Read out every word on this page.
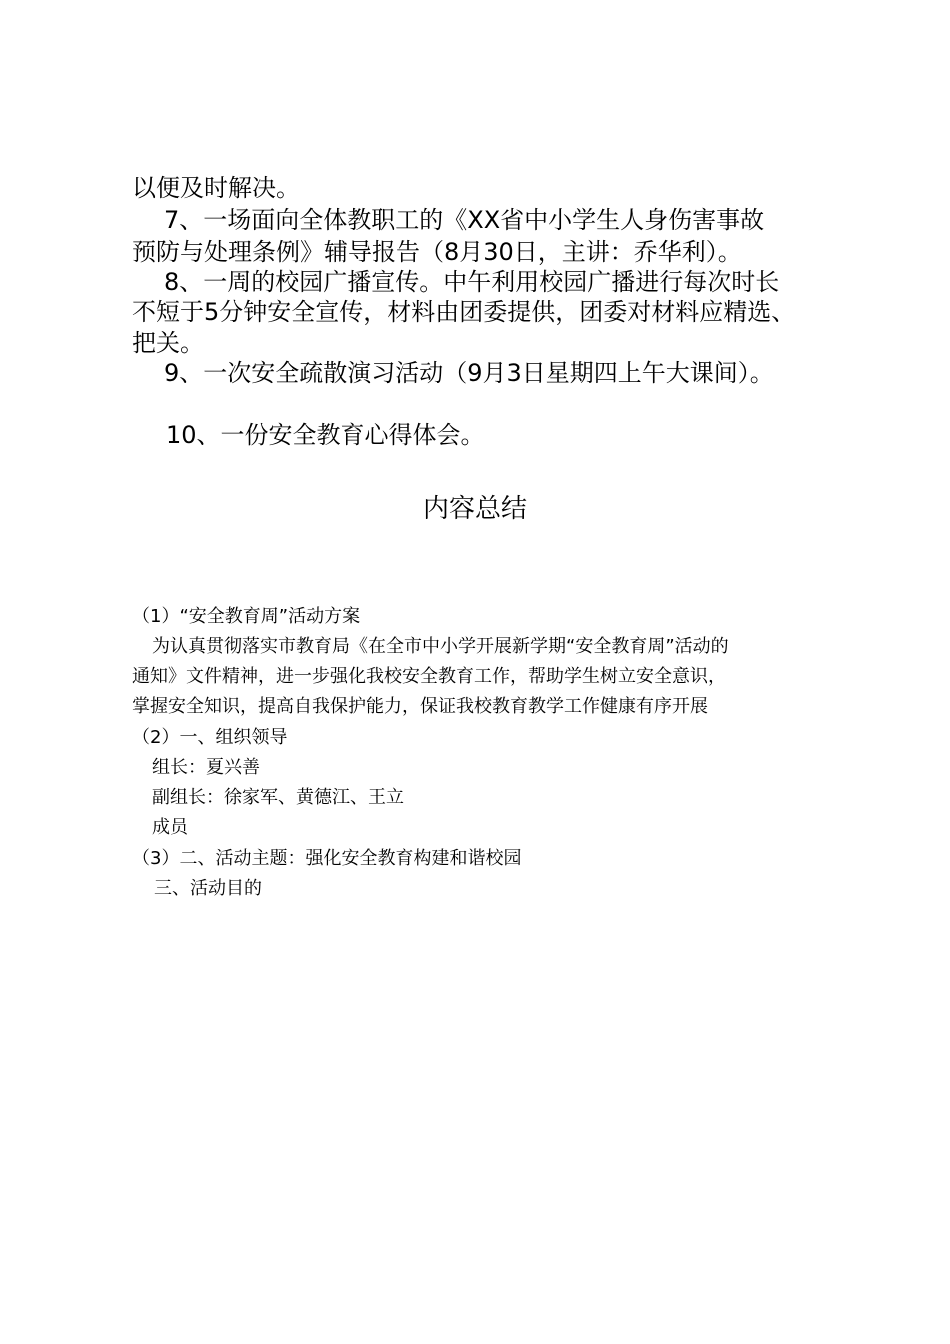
以便及时解决。
7、一场面向全体教职工的《XX省中小学生人身伤害事故
预防与处理条例》辅导报告（8月30日，主讲：乔华利）。
8、一周的校园广播宣传。中午利用校园广播进行每次时长
不短于5分钟安全宣传，材料由团委提供，团委对材料应精选、
把关。
9、一次安全疏散演习活动（9月3日星期四上午大课间）。
10、一份安全教育心得体会。
内容总结
（1）“安全教育周”活动方案
为认真贯彻落实市教育局《在全市中小学开展新学期“安全教育周”活动的
通知》文件精神，进一步强化我校安全教育工作，帮助学生树立安全意识，
掌握安全知识，提高自我保护能力，保证我校教育教学工作健康有序开展
（2）一、组织领导
组长：夏兴善
副组长：徐家军、黄德江、王立
成员
（3）二、活动主题：强化安全教育构建和谐校园
三、活动目的
